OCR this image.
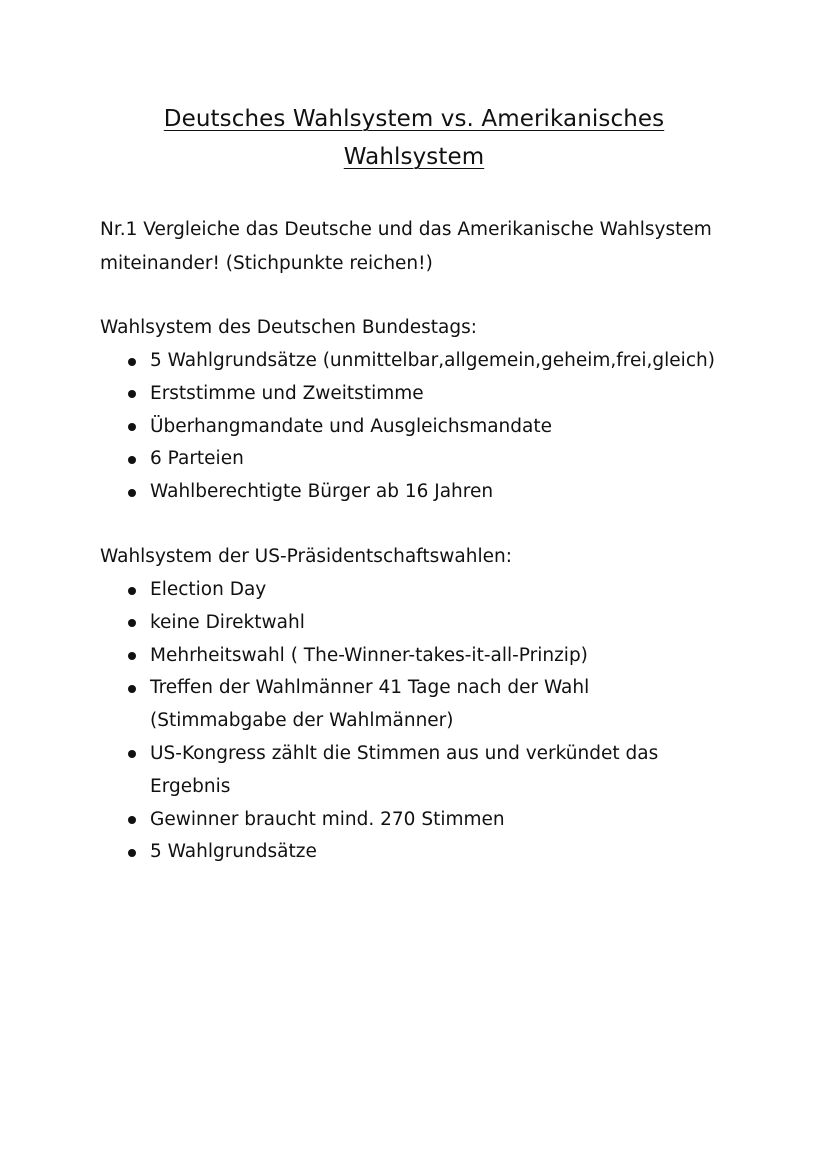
Deutsches Wahlsystem vs. Amerikanisches
Wahlsystem

Nr.1 Vergleiche das Deutsche und das Amerikanische Wahlsystem
miteinander! (Stichpunkte reichen!)

Wahlsystem des Deutschen Bundestags:

5 Wahlgrundsätze (unmittelbar,allgemein,geheim,frei,gleich)
Erststimme und Zweitstimme
Überhangmandate und Ausgleichsmandate
6 Parteien
Wahlberechtigte Bürger ab 16 Jahren

Wahlsystem der US-Präsidentschaftswahlen:

Election Day
keine Direktwahl
Mehrheitswahl ( The-Winner-takes-it-all-Prinzip)
Treffen der Wahlmänner 41 Tage nach der Wahl
(Stimmabgabe der Wahlmänner)
US-Kongress zählt die Stimmen aus und verkündet das
Ergebnis
Gewinner braucht mind. 270 Stimmen
5 Wahlgrundsätze
